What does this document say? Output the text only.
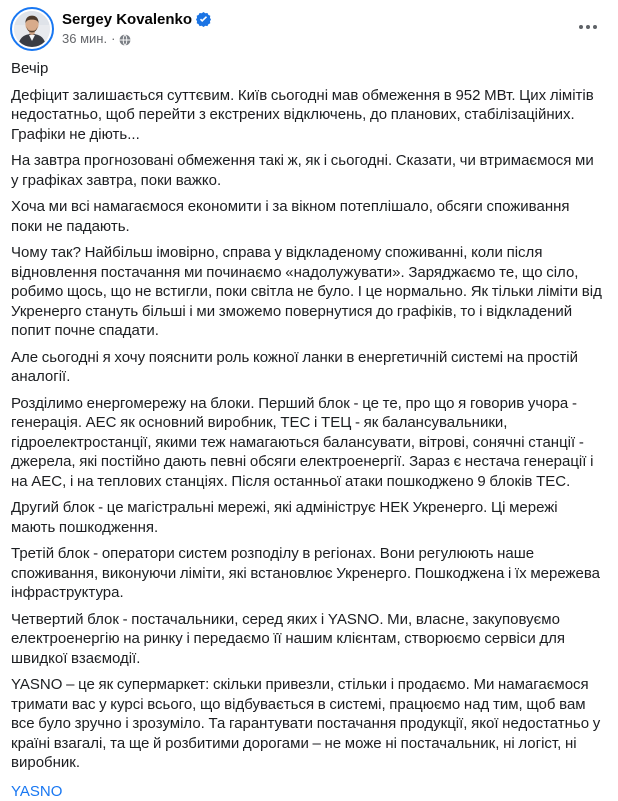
Sergey Kovalenko
36 мин. ·

Вечір

Дефіцит залишається суттєвим. Київ сьогодні мав обмеження в 952 МВт. Цих лімітів недостатньо, щоб перейти з екстрених відключень, до планових, стабілізаційних. Графіки не діють...

На завтра прогнозовані обмеження такі ж, як і сьогодні. Сказати, чи втримаємося ми у графіках завтра, поки важко.

Хоча ми всі намагаємося економити і за вікном потеплішало, обсяги споживання поки не падають.

Чому так? Найбільш імовірно, справа у відкладеному споживанні, коли після відновлення постачання ми починаємо «надолужувати». Заряджаємо те, що сіло, робимо щось, що не встигли, поки світла не було. І це нормально. Як тільки ліміти від Укренерго стануть більші і ми зможемо повернутися до графіків, то і відкладений попит почне спадати.

Але сьогодні я хочу пояснити роль кожної ланки в енергетичній системі на простій аналогії.

Розділимо енергомережу на блоки. Перший блок - це те, про що я говорив учора - генерація. АЕС як основний виробник, ТЕС і ТЕЦ - як балансувальники, гідроелектростанції, якими теж намагаються балансувати, вітрові, сонячні станції - джерела, які постійно дають певні обсяги електроенергії. Зараз є нестача генерації і на АЕС, і на теплових станціях. Після останньої атаки пошкоджено 9 блоків ТЕС.

Другий блок - це магістральні мережі, які адмініструє НЕК Укренерго. Ці мережі мають пошкодження.

Третій блок - оператори систем розподілу в регіонах. Вони регулюють наше споживання, виконуючи ліміти, які встановлює Укренерго. Пошкоджена і їх мережева інфраструктура.

Четвертий блок - постачальники, серед яких і YASNO. Ми, власне, закуповуємо електроенергію на ринку і передаємо її нашим клієнтам, створюємо сервіси для швидкої взаємодії.

YASNO – це як супермаркет: скільки привезли, стільки і продаємо. Ми намагаємося тримати вас у курсі всього, що відбувається в системі, працюємо над тим, щоб вам все було зручно і зрозуміло. Та гарантувати постачання продукції, якої недостатньо у країні взагалі, та ще й розбитими дорогами – не може ні постачальник, ні логіст, ні виробник.

YASNO
